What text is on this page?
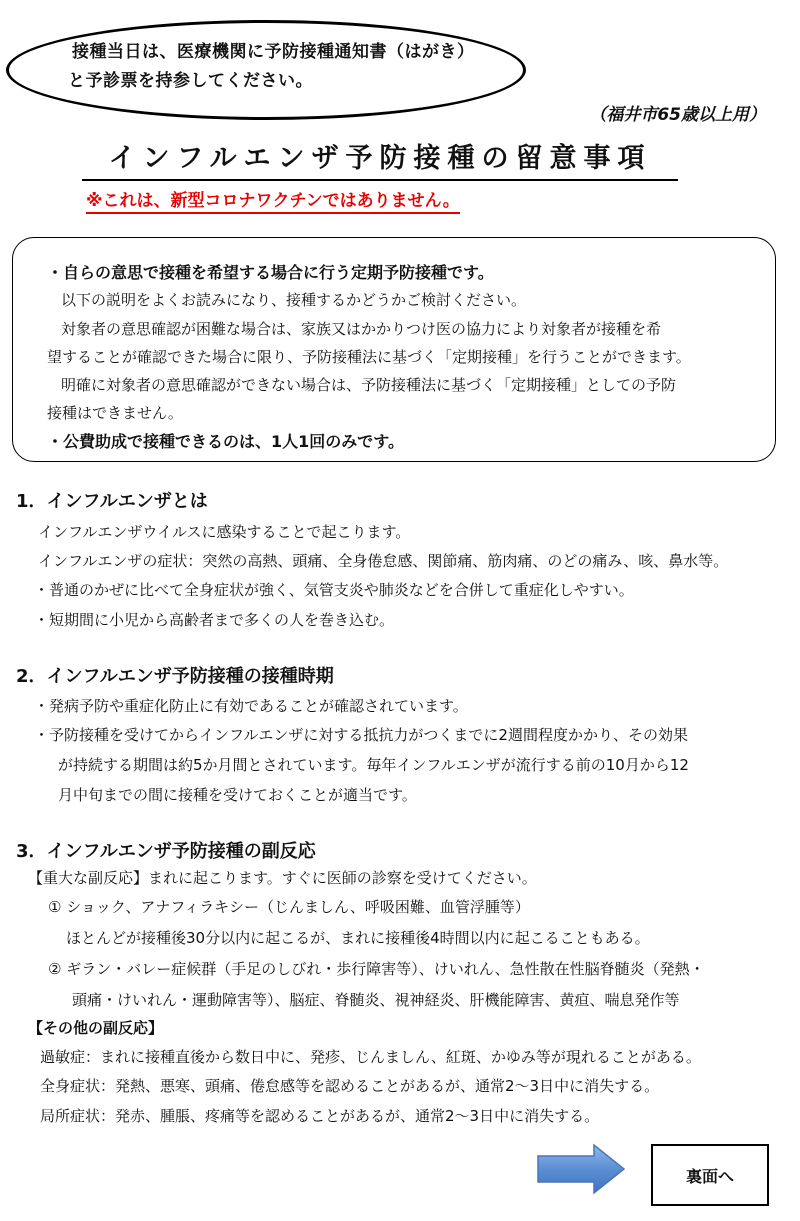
接種当日は、医療機関に予防接種通知書（はがき）
と予診票を持参してください。
（福井市65歳以上用）
インフルエンザ予防接種の留意事項
※これは、新型コロナワクチンではありません。
・自らの意思で接種を希望する場合に行う定期予防接種です。
以下の説明をよくお読みになり、接種するかどうかご検討ください。
対象者の意思確認が困難な場合は、家族又はかかりつけ医の協力により対象者が接種を希
望することが確認できた場合に限り、予防接種法に基づく「定期接種」を行うことができます。
明確に対象者の意思確認ができない場合は、予防接種法に基づく「定期接種」としての予防
接種はできません。
・公費助成で接種できるのは、1人1回のみです。
1．インフルエンザとは
インフルエンザウイルスに感染することで起こります。
インフルエンザの症状：突然の高熱、頭痛、全身倦怠感、関節痛、筋肉痛、のどの痛み、咳、鼻水等。
・普通のかぜに比べて全身症状が強く、気管支炎や肺炎などを合併して重症化しやすい。
・短期間に小児から高齢者まで多くの人を巻き込む。
2．インフルエンザ予防接種の接種時期
・発病予防や重症化防止に有効であることが確認されています。
・予防接種を受けてからインフルエンザに対する抵抗力がつくまでに2週間程度かかり、その効果
が持続する期間は約5か月間とされています。毎年インフルエンザが流行する前の10月から12
月中旬までの間に接種を受けておくことが適当です。
3．インフルエンザ予防接種の副反応
【重大な副反応】まれに起こります。すぐに医師の診察を受けてください。
① ショック、アナフィラキシー（じんましん、呼吸困難、血管浮腫等）
ほとんどが接種後30分以内に起こるが、まれに接種後4時間以内に起こることもある。
② ギラン・バレー症候群（手足のしびれ・歩行障害等）、けいれん、急性散在性脳脊髄炎（発熱・
頭痛・けいれん・運動障害等）、脳症、脊髄炎、視神経炎、肝機能障害、黄疸、喘息発作等
【その他の副反応】
過敏症：まれに接種直後から数日中に、発疹、じんましん、紅斑、かゆみ等が現れることがある。
全身症状：発熱、悪寒、頭痛、倦怠感等を認めることがあるが、通常2～3日中に消失する。
局所症状：発赤、腫脹、疼痛等を認めることがあるが、通常2～3日中に消失する。
裏面へ
